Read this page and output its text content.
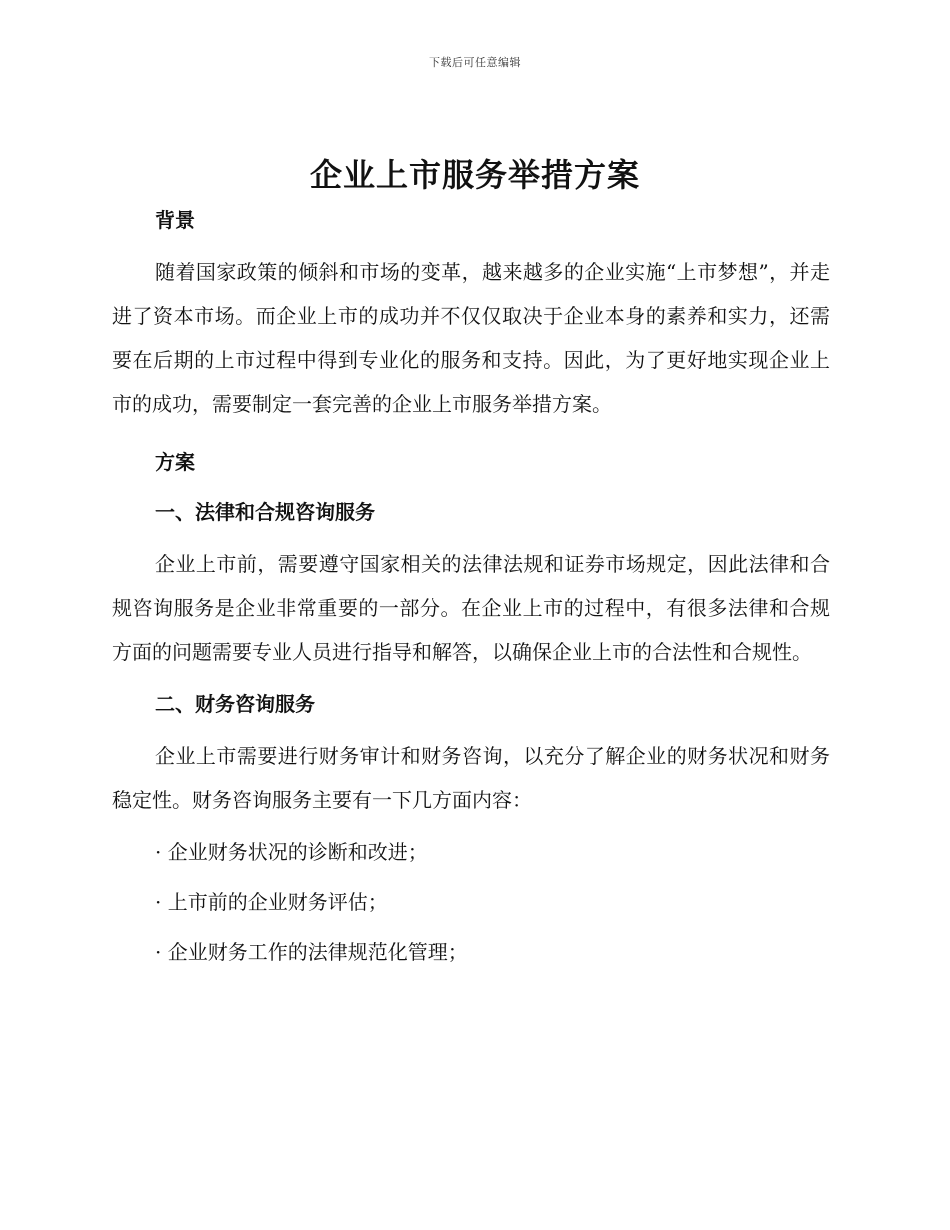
下载后可任意编辑
企业上市服务举措方案

背景

随着国家政策的倾斜和市场的变革，越来越多的企业实施“上市梦想”，并走进了资本市场。而企业上市的成功并不仅仅取决于企业本身的素养和实力，还需要在后期的上市过程中得到专业化的服务和支持。因此，为了更好地实现企业上市的成功，需要制定一套完善的企业上市服务举措方案。

方案

一、法律和合规咨询服务

企业上市前，需要遵守国家相关的法律法规和证券市场规定，因此法律和合规咨询服务是企业非常重要的一部分。在企业上市的过程中，有很多法律和合规方面的问题需要专业人员进行指导和解答，以确保企业上市的合法性和合规性。

二、财务咨询服务

企业上市需要进行财务审计和财务咨询，以充分了解企业的财务状况和财务稳定性。财务咨询服务主要有一下几方面内容：

· 企业财务状况的诊断和改进；

· 上市前的企业财务评估；

· 企业财务工作的法律规范化管理；
